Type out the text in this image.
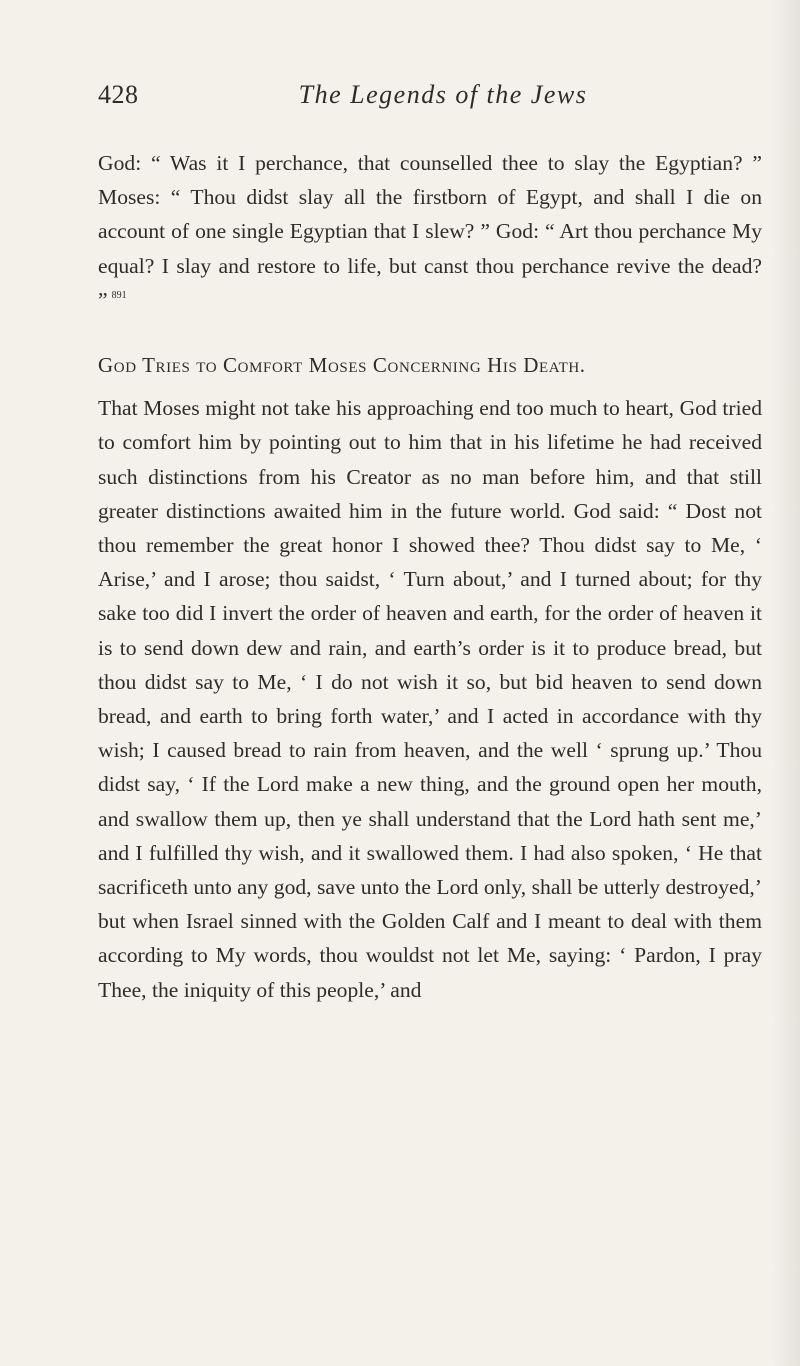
428	The Legends of the Jews

God: “ Was it I perchance, that counselled thee to slay the Egyptian? ” Moses: “ Thou didst slay all the firstborn of Egypt, and shall I die on account of one single Egyptian that I slew? ” God: “ Art thou perchance My equal? I slay and restore to life, but canst thou perchance revive the dead? ” $^{891}$

God Tries to Comfort Moses Concerning His Death.

That Moses might not take his approaching end too much to heart, God tried to comfort him by pointing out to him that in his lifetime he had received such distinctions from his Creator as no man before him, and that still greater distinctions awaited him in the future world. God said: “ Dost not thou remember the great honor I showed thee? Thou didst say to Me, ‘ Arise,’ and I arose; thou saidst, ‘ Turn about,’ and I turned about; for thy sake too did I invert the order of heaven and earth, for the order of heaven it is to send down dew and rain, and earth’s order is it to produce bread, but thou didst say to Me, ‘ I do not wish it so, but bid heaven to send down bread, and earth to bring forth water,’ and I acted in accordance with thy wish; I caused bread to rain from heaven, and the well ‘ sprung up.’ Thou didst say, ‘ If the Lord make a new thing, and the ground open her mouth, and swallow them up, then ye shall understand that the Lord hath sent me,’ and I fulfilled thy wish, and it swallowed them. I had also spoken, ‘ He that sacrificeth unto any god, save unto the Lord only, shall be utterly destroyed,’ but when Israel sinned with the Golden Calf and I meant to deal with them according to My words, thou wouldst not let Me, saying: ‘ Pardon, I pray Thee, the iniquity of this people,’ and
